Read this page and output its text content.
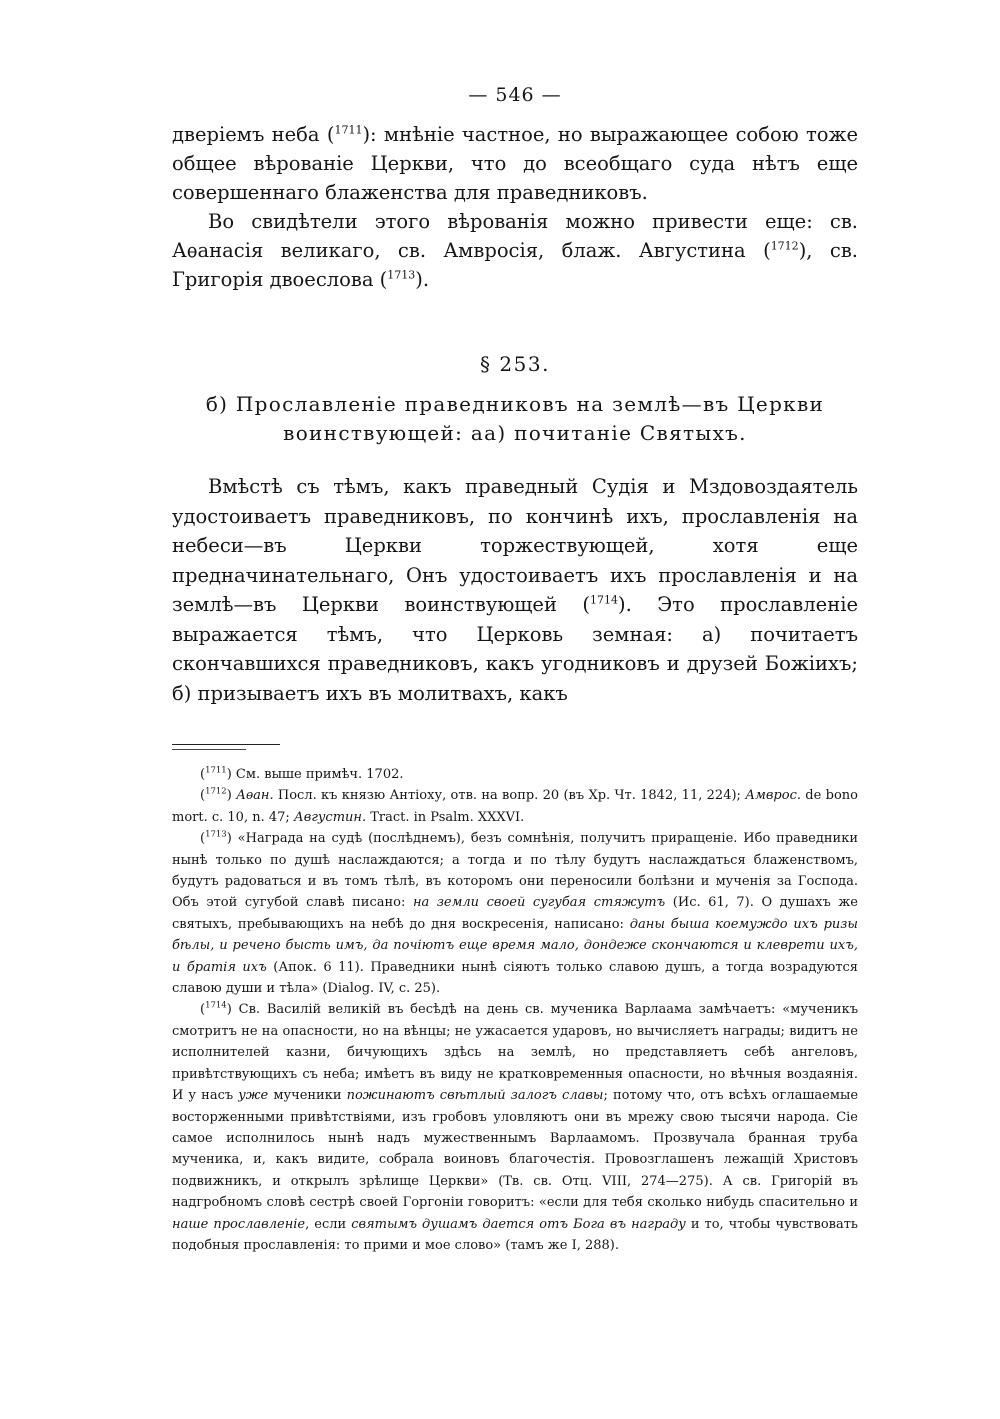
— 546 —

двеpiемъ неба ($^{1711}$): мнѣнiе частное, но выражающее собою тоже общее вѣрованiе Церкви, что до всеобщаго суда нѣтъ еще совершеннаго блаженства для праведниковъ.

Во свидѣтели этого вѣрованiя можно привести еще: св. Аѳанасiя великаго, св. Амвросiя, блаж. Августина ($^{1712}$), св. Григорiя двоеслова ($^{1713}$).

§ 253.
б) Прославленiе праведниковъ на землѣ—въ Церкви воинствующей: аа) почитанiе Святыхъ.

Вмѣстѣ съ тѣмъ, какъ праведный Судiя и Мздовоздаятель удостоиваетъ праведниковъ, по кончинѣ ихъ, прославленiя на небеси—въ Церкви торжествующей, хотя еще предначинательнаго, Онъ удостоиваетъ ихъ прославленiя и на землѣ—въ Церкви воинствующей ($^{1714}$). Это прославленiе выражается тѣмъ, что Церковь земная: а) почитаетъ скончавшихся праведниковъ, какъ угодниковъ и друзей Божiихъ; б) призываетъ ихъ въ молитвахъ, какъ

($^{1711}$) См. выше примѣч. 1702.

($^{1712}$) Аѳан. Посл. къ князю Антiоху, отв. на вопр. 20 (въ Хр. Чт. 1842, 11, 224); Амврос. de bono mort. c. 10, n. 47; Августин. Tract. in Psalm. XXXVI.

($^{1713}$) «Награда на судѣ (послѣднемъ), безъ сомнѣнiя, получитъ приращенiе. Ибо праведники нынѣ только по душѣ наслаждаются; а тогда и по тѣлу будутъ наслаждаться блаженствомъ, будутъ радоваться и въ томъ тѣлѣ, въ которомъ они переносили болѣзни и мученiя за Господа. Объ этой сугубой славѣ писано: на земли своей сугубая стяжутъ (Ис. 61, 7). О душахъ же святыхъ, пребывающихъ на небѣ до дня воскресенiя, написано: даны быша коемуждо ихъ ризы бѣлы, и речено бысть имъ, да почiютъ еще время мало, дондеже скончаются и клеврети ихъ, и братiя ихъ (Апок. 6 11). Праведники нынѣ сiяютъ только славою душъ, а тогда возрадуются славою души и тѣла» (Dialog. IV, c. 25).

($^{1714}$) Св. Василiй великiй въ бесѣдѣ на день св. мученика Варлаама замѣчаетъ: «мученикъ смотритъ не на опасности, но на вѣнцы; не ужасается ударовъ, но вычисляетъ награды; видитъ не исполнителей казни, бичующихъ здѣсь на землѣ, но представляетъ себѣ ангеловъ, привѣтствующихъ съ неба; имѣетъ въ виду не кратковременныя опасности, но вѣчныя воздаянiя. И у насъ уже мученики пожинаютъ свѣтлый залогъ славы; потому что, отъ всѣхъ оглашаемые восторженными привѣтствiями, изъ гробовъ уловляютъ они въ мрежу свою тысячи народа. Сiе самое исполнилось нынѣ надъ мужественнымъ Варлаамомъ. Прозвучала бранная труба мученика, и, какъ видите, собрала воиновъ благочестiя. Провозглашенъ лежащiй Христовъ подвижникъ, и открылъ зрѣлище Церкви» (Тв. св. Отц. VIII, 274—275). А св. Григорiй въ надгробномъ словѣ сестрѣ своей Горгонiи говоритъ: «если для тебя сколько нибудь спасительно и наше прославленiе, если святымъ душамъ дается отъ Бога въ награду и то, чтобы чувствовать подобныя прославленiя: то прими и мое слово» (тамъ же I, 288).
